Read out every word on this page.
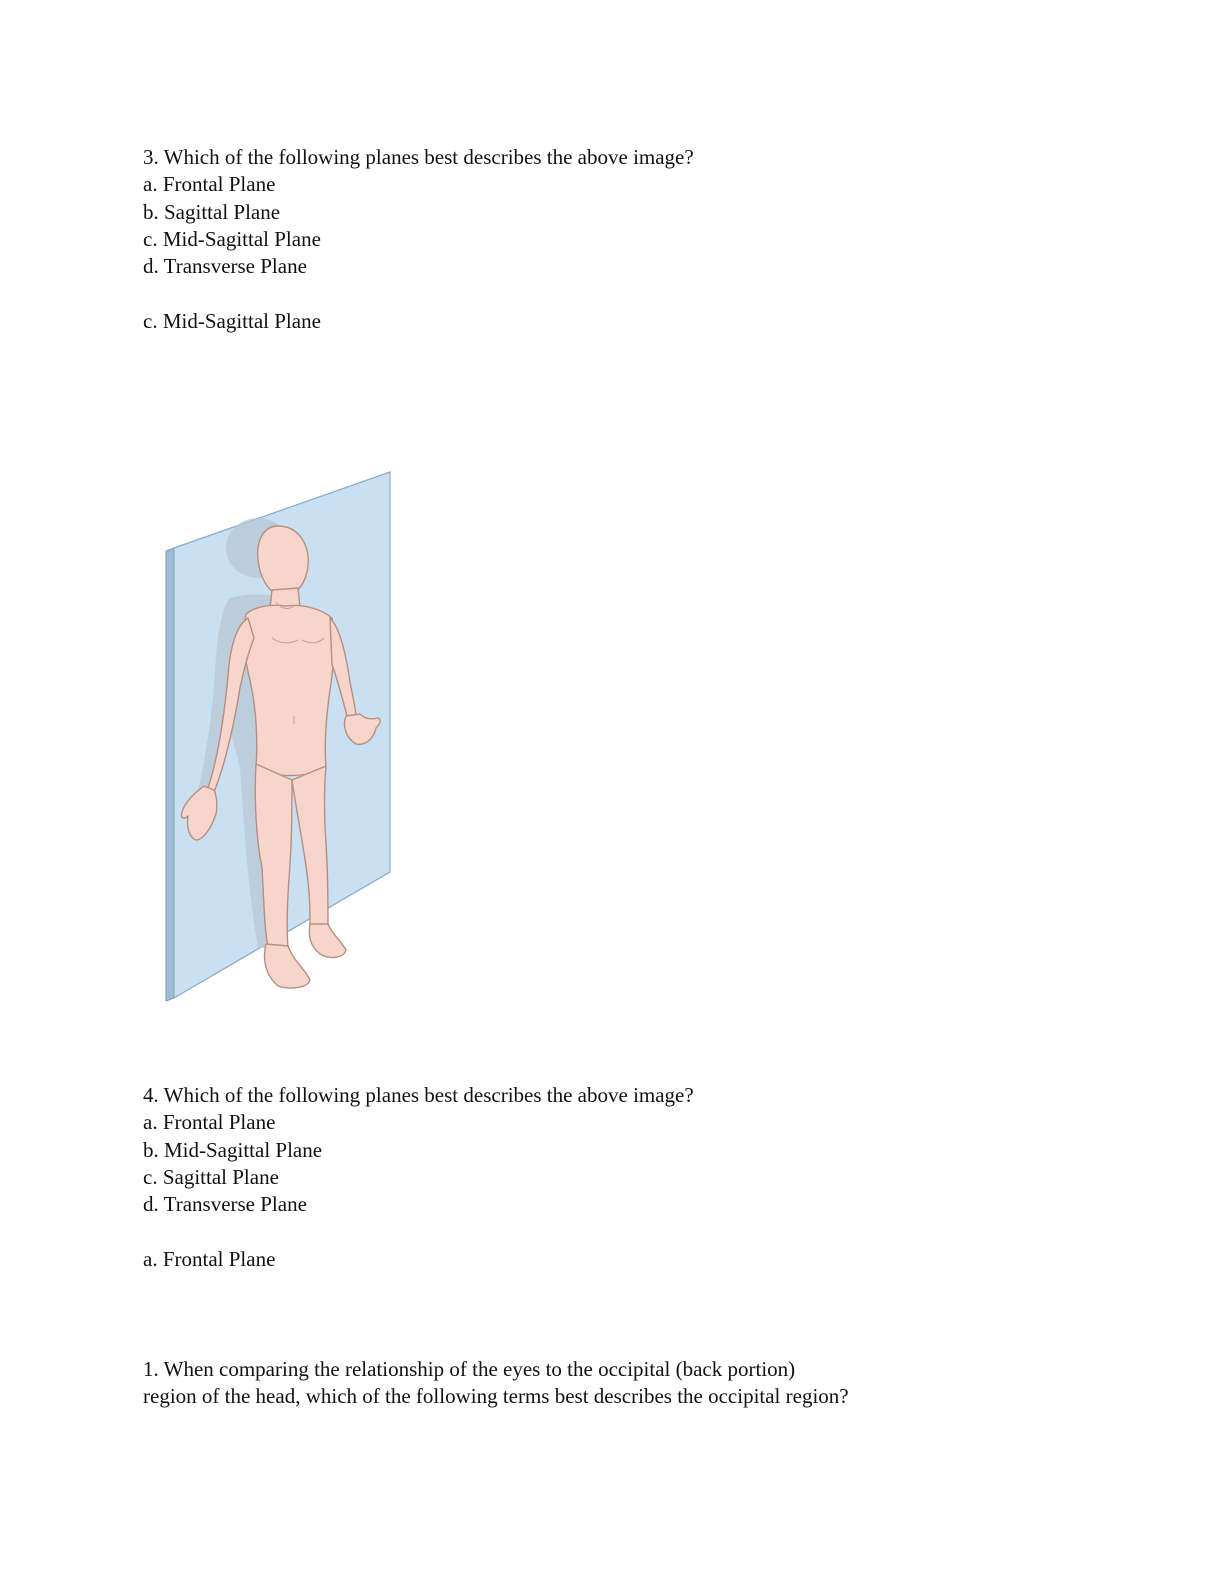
3. Which of the following planes best describes the above image?
a. Frontal Plane
b. Sagittal Plane
c. Mid-Sagittal Plane
d. Transverse Plane
c. Mid-Sagittal Plane
4. Which of the following planes best describes the above image?
a. Frontal Plane
b. Mid-Sagittal Plane
c. Sagittal Plane
d. Transverse Plane
a. Frontal Plane
1. When comparing the relationship of the eyes to the occipital (back portion)
region of the head, which of the following terms best describes the occipital region?
